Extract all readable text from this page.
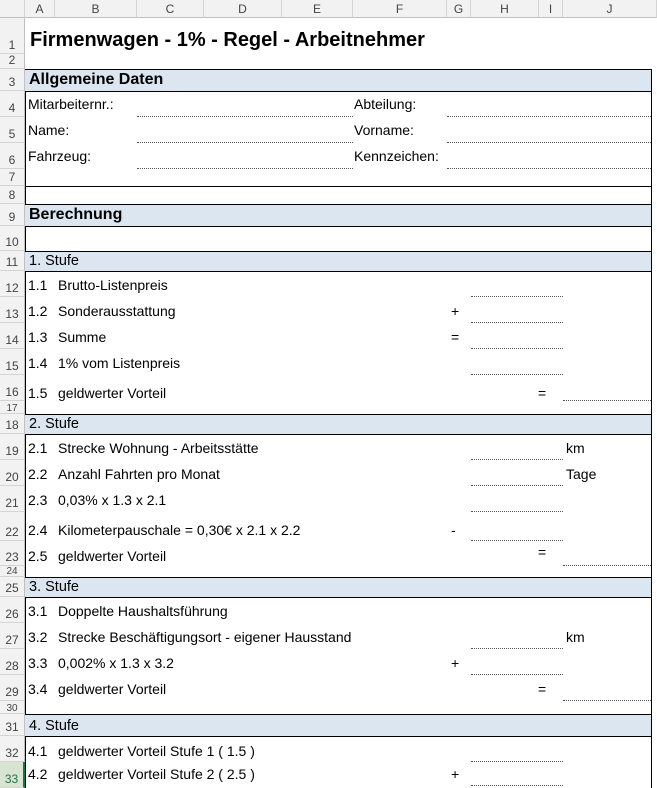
A	B	C	D	E	F	G	H	I	J
1
2
3
4
5
6
7
8
9
10
11
12
13
14
15
16
17
18
19
20
21
22
23
24
25
26
27
28
29
30
31
32
33
Firmenwagen - 1% - Regel - Arbeitnehmer
Allgemeine Daten
Mitarbeiternr.:	Abteilung:
Name:	Vorname:
Fahrzeug:	Kennzeichen:
Berechnung
1. Stufe
1.1 Brutto-Listenpreis
1.2 Sonderausstattung	+
1.3 Summe	=
1.4 1% vom Listenpreis
1.5 geldwerter Vorteil	=
2. Stufe
2.1 Strecke Wohnung - Arbeitsstätte	km
2.2 Anzahl Fahrten pro Monat	Tage
2.3 0,03% x 1.3 x 2.1
2.4 Kilometerpauschale = 0,30€ x 2.1 x 2.2	-
2.5 geldwerter Vorteil	=
3. Stufe
3.1 Doppelte Haushaltsführung
3.2 Strecke Beschäftigungsort - eigener Hausstand	km
3.3 0,002% x 1.3 x 3.2	+
3.4 geldwerter Vorteil	=
4. Stufe
4.1 geldwerter Vorteil Stufe 1 ( 1.5 )
4.2 geldwerter Vorteil Stufe 2 ( 2.5 )	+
